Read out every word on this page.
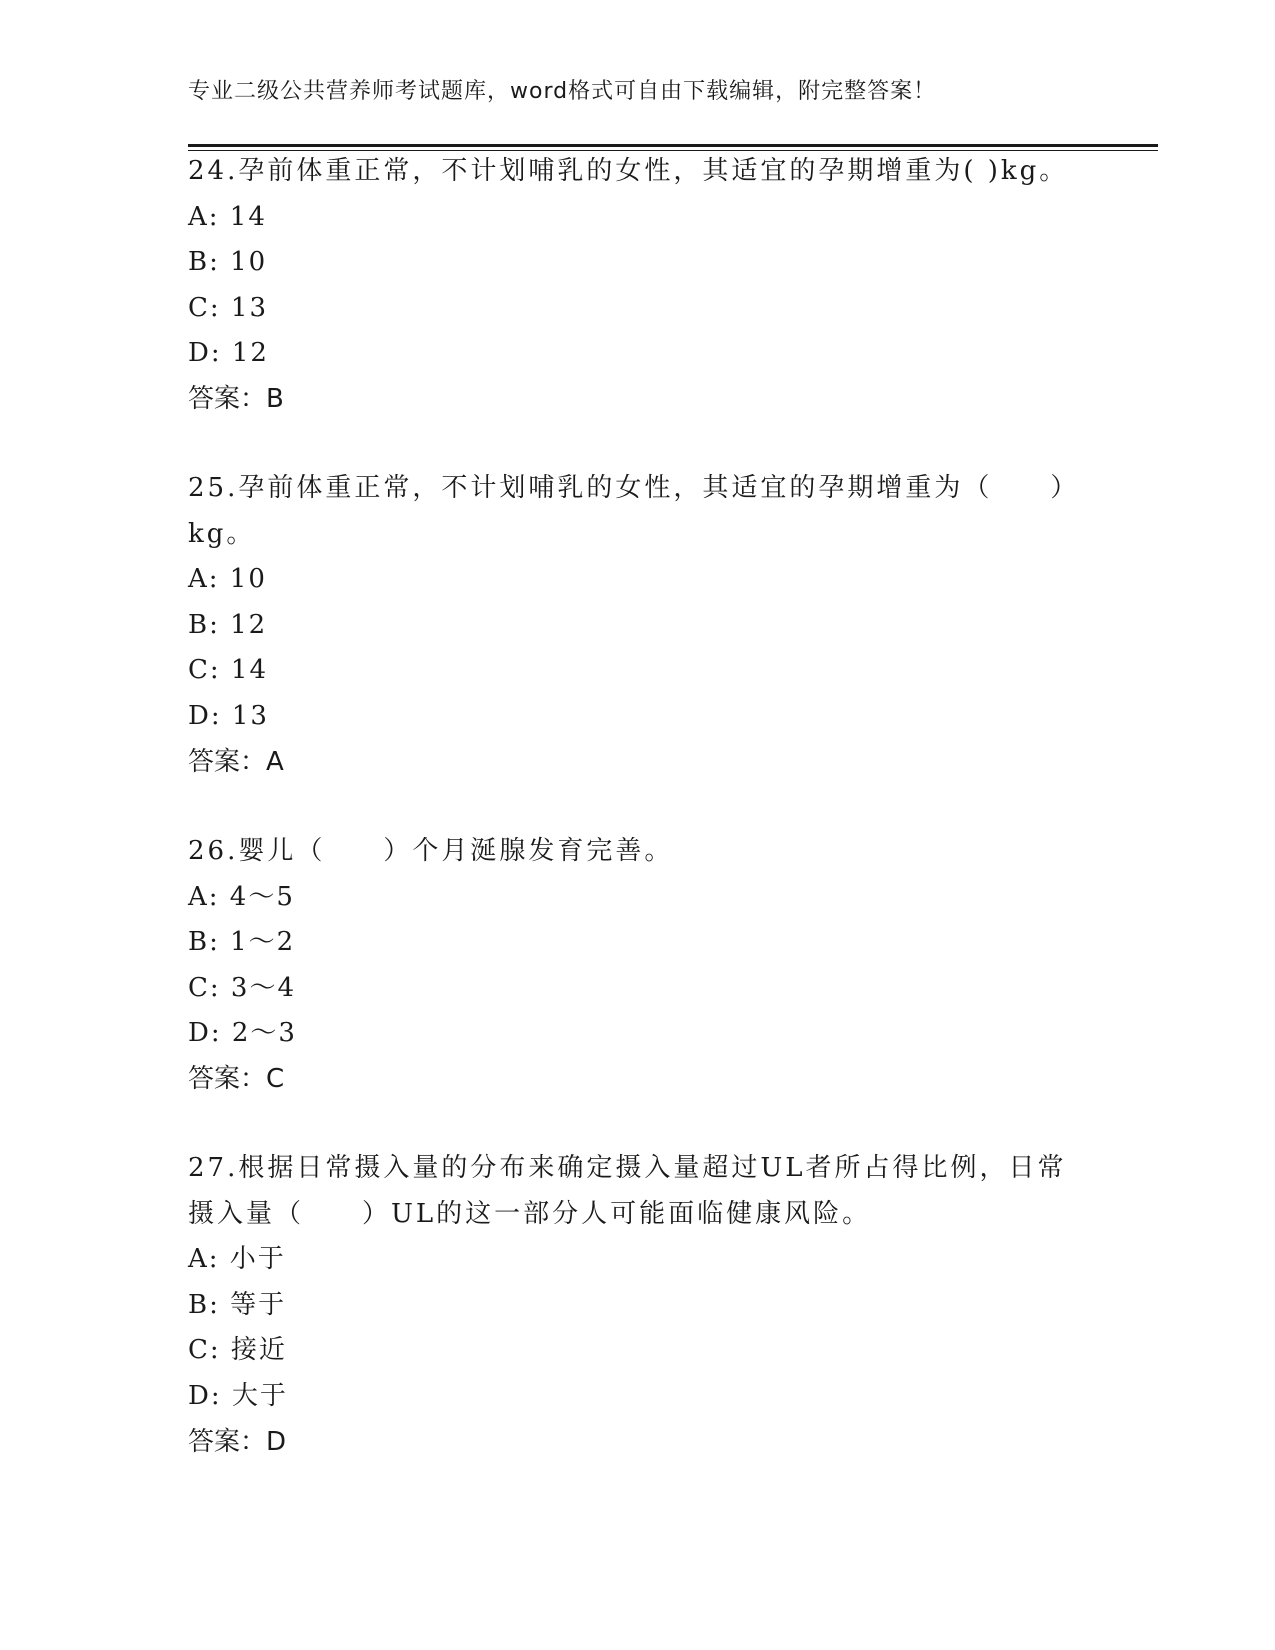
专业二级公共营养师考试题库，word格式可自由下载编辑，附完整答案！
24.孕前体重正常，不计划哺乳的女性，其适宜的孕期增重为( )kg。
A: 14
B: 10
C: 13
D: 12
答案：B
25.孕前体重正常，不计划哺乳的女性，其适宜的孕期增重为（　　）
kg。
A: 10
B: 12
C: 14
D: 13
答案：A
26.婴儿（　　）个月涎腺发育完善。
A: 4～5
B: 1～2
C: 3～4
D: 2～3
答案：C
27.根据日常摄入量的分布来确定摄入量超过UL者所占得比例，日常
摄入量（　　）UL的这一部分人可能面临健康风险。
A: 小于
B: 等于
C: 接近
D: 大于
答案：D
